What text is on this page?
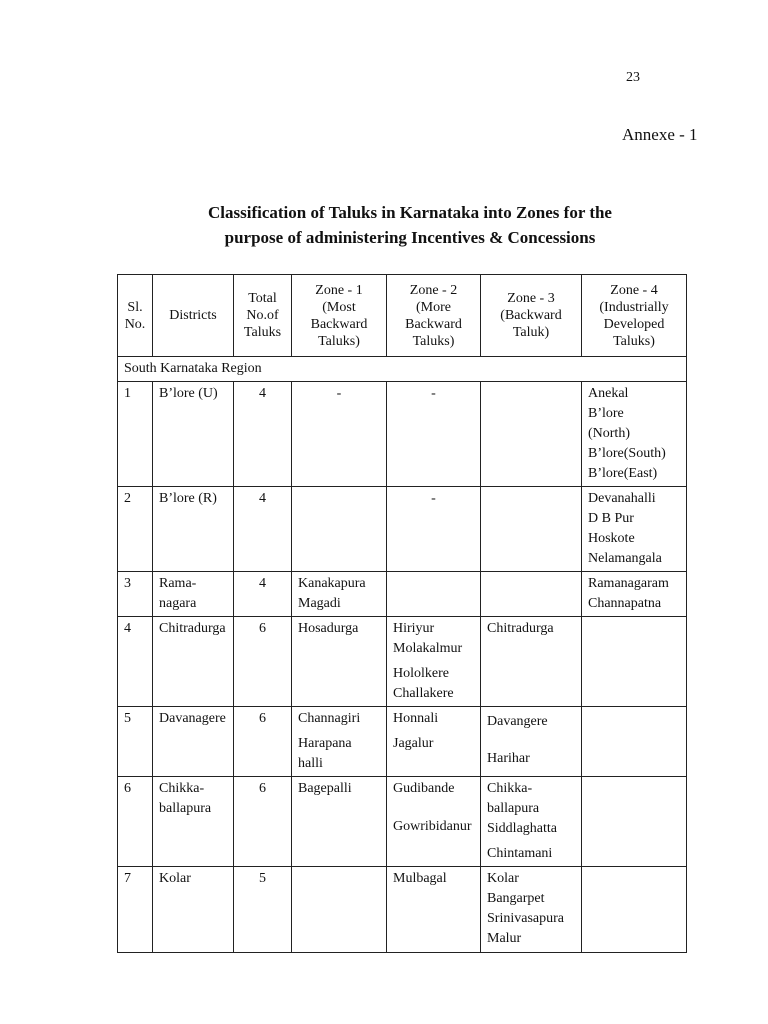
23
Annexe - 1
Classification of Taluks in Karnataka into Zones for the
purpose of administering Incentives & Concessions
Sl.
No.	Districts	Total
No.of
Taluks	Zone - 1
(Most
Backward
Taluks)	Zone - 2
(More
Backward
Taluks)	Zone - 3
(Backward
Taluk)	Zone - 4
(Industrially
Developed
Taluks)

South Karnataka Region						
1	B’lore (U)	4	-	-		Anekal
B’lore
(North)
B’lore(South)
B’lore(East)

2	B’lore (R)	4		-		Devanahalli
D B Pur
Hoskote
Nelamangala

3	Rama-
nagara	4	Kanakapura
Magadi			Ramanagaram
Channapatna

4	Chitradurga	6	Hosadurga	Hiriyur
Molakalmur
Hololkere
Challakere	Chitradurga	
5	Davanagere	6	Channagiri
Harapana
halli	Honnali
Jagalur	Davangere
Harihar	

6	Chikka-
ballapura	6	Bagepalli	Gudibande
Gowribidanur	Chikka-
ballapura
Siddlaghatta
Chintamani	

7	Kolar	5		Mulbagal	Kolar
Bangarpet
Srinivasapura
Malur	
